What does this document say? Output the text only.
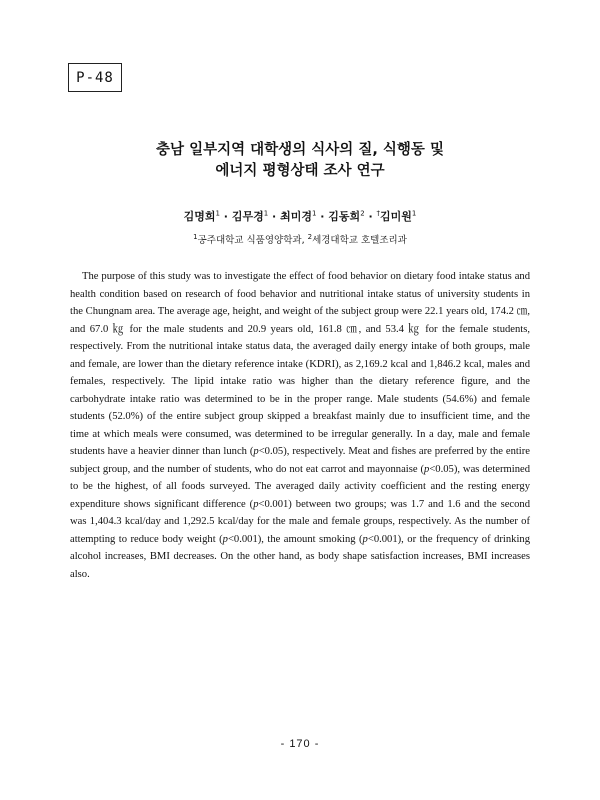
P-48
충남 일부지역 대학생의 식사의 질, 식행동 및
에너지 평형상태 조사 연구
김명희$^1$ · 김무경$^1$ · 최미경$^1$ · 김동희$^2$ · †김미원$^1$
$^1$공주대학교 식품영양학과, $^2$세경대학교 호텔조리과

The purpose of this study was to investigate the effect of food behavior on dietary food intake status and health condition based on research of food behavior and nutritional intake status of university students in the Chungnam area. The average age, height, and weight of the subject group were 22.1 years old, 174.2 ㎝, and 67.0 ㎏ for the male students and 20.9 years old, 161.8 ㎝, and 53.4 ㎏ for the female students, respectively. From the nutritional intake status data, the averaged daily energy intake of both groups, male and female, are lower than the dietary reference intake (KDRI), as 2,169.2 kcal and 1,846.2 kcal, males and females, respectively. The lipid intake ratio was higher than the dietary reference figure, and the carbohydrate intake ratio was determined to be in the proper range. Male students (54.6%) and female students (52.0%) of the entire subject group skipped a breakfast mainly due to insufficient time, and the time at which meals were consumed, was determined to be irregular generally. In a day, male and female students have a heavier dinner than lunch (p<0.05), respectively. Meat and fishes are preferred by the entire subject group, and the number of students, who do not eat carrot and mayonnaise (p<0.05), was determined to be the highest, of all foods surveyed. The averaged daily activity coefficient and the resting energy expenditure shows significant difference (p<0.001) between two groups; was 1.7 and 1.6 and the second was 1,404.3 kcal/day and 1,292.5 kcal/day for the male and female groups, respectively. As the number of attempting to reduce body weight (p<0.001), the amount smoking (p<0.001), or the frequency of drinking alcohol increases, BMI decreases. On the other hand, as body shape satisfaction increases, BMI increases also.

- 170 -
